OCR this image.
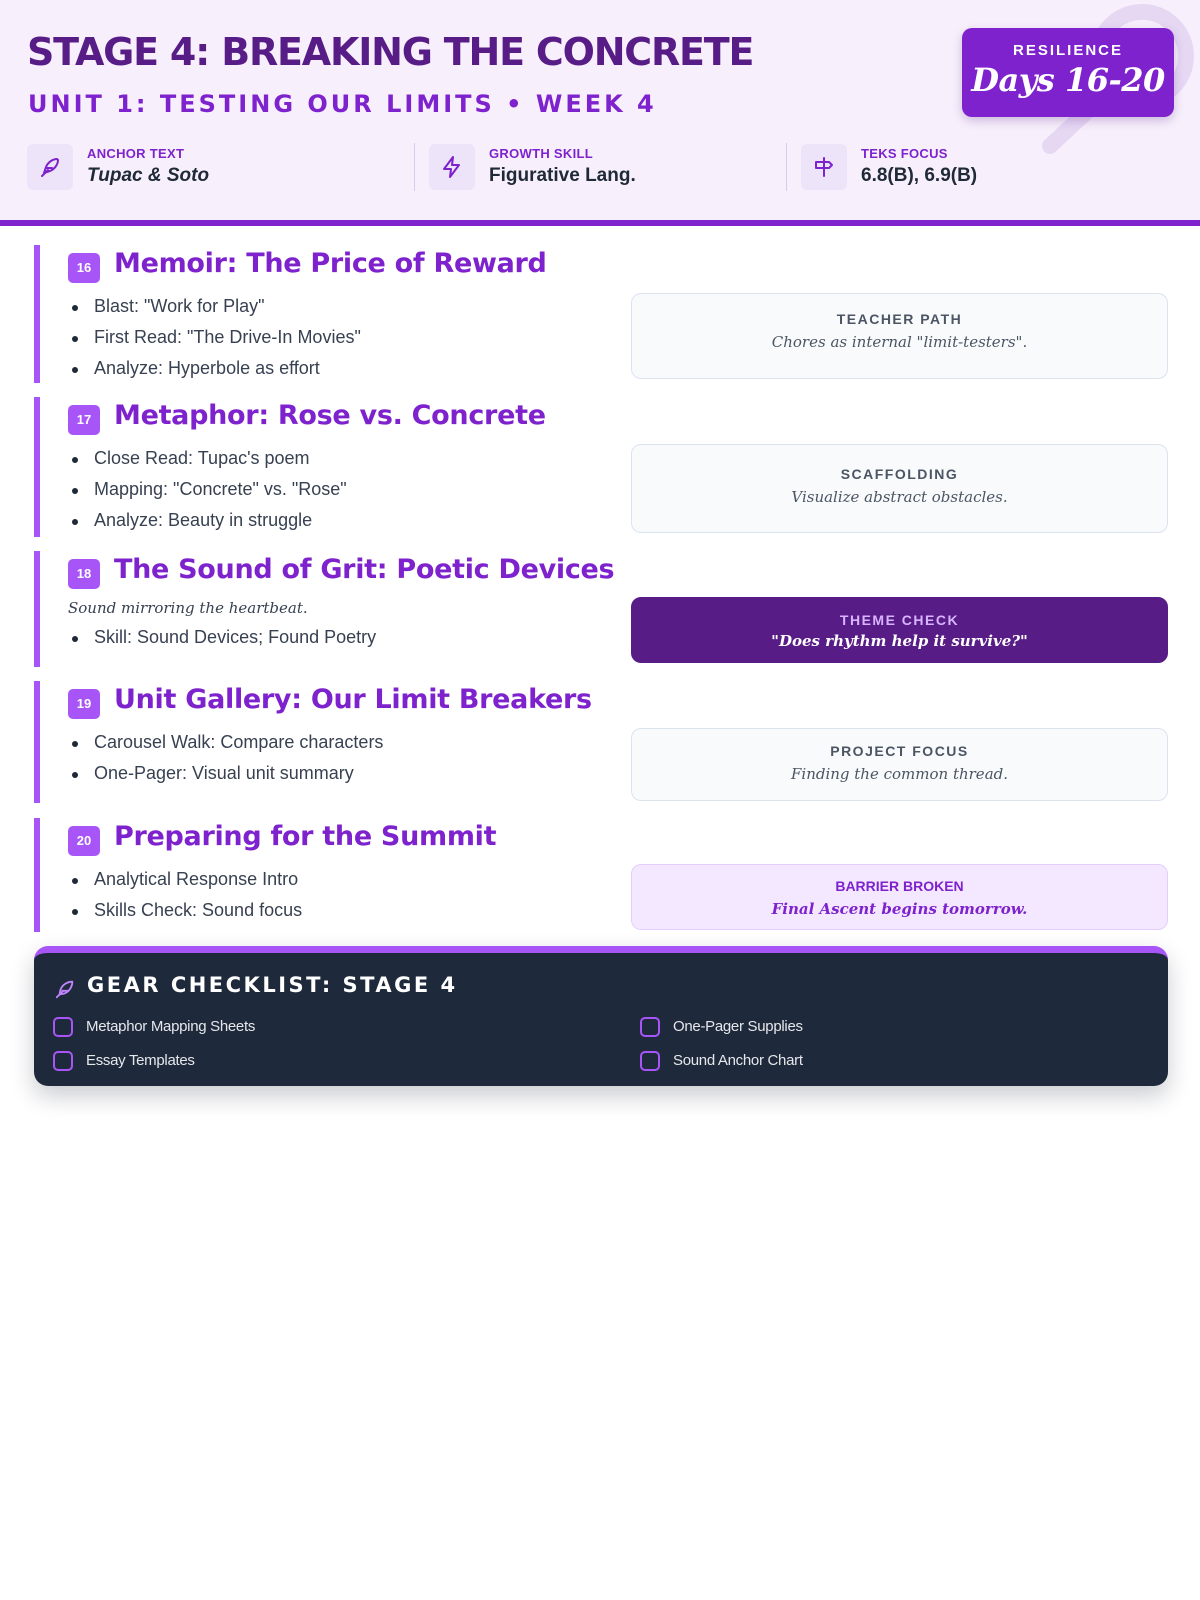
STAGE 4: BREAKING THE CONCRETE
UNIT 1: TESTING OUR LIMITS • WEEK 4
RESILIENCE
Days 16-20
ANCHOR TEXT
Tupac & Soto
GROWTH SKILL
Figurative Lang.
TEKS FOCUS
6.8(B), 6.9(B)
16 Memoir: The Price of Reward
Blast: "Work for Play"
First Read: "The Drive-In Movies"
Analyze: Hyperbole as effort
TEACHER PATH
Chores as internal "limit-testers".
17 Metaphor: Rose vs. Concrete
Close Read: Tupac's poem
Mapping: "Concrete" vs. "Rose"
Analyze: Beauty in struggle
SCAFFOLDING
Visualize abstract obstacles.
18 The Sound of Grit: Poetic Devices
Sound mirroring the heartbeat.
Skill: Sound Devices; Found Poetry
THEME CHECK
"Does rhythm help it survive?"
19 Unit Gallery: Our Limit Breakers
Carousel Walk: Compare characters
One-Pager: Visual unit summary
PROJECT FOCUS
Finding the common thread.
20 Preparing for the Summit
Analytical Response Intro
Skills Check: Sound focus
BARRIER BROKEN
Final Ascent begins tomorrow.
GEAR CHECKLIST: STAGE 4
Metaphor Mapping Sheets	One-Pager Supplies
Essay Templates	Sound Anchor Chart
